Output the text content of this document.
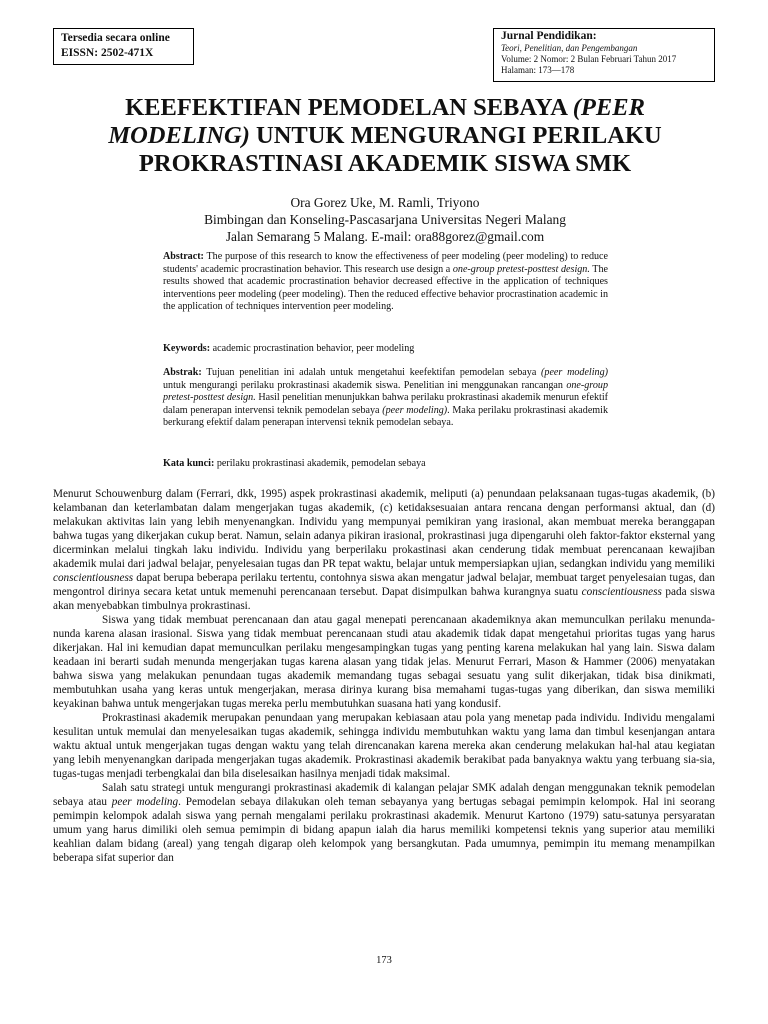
Tersedia secara online
EISSN: 2502-471X
Jurnal Pendidikan:
Teori, Penelitian, dan Pengembangan
Volume: 2 Nomor: 2 Bulan Februari Tahun 2017
Halaman: 173—178
KEEFEKTIFAN PEMODELAN SEBAYA (PEER MODELING) UNTUK MENGURANGI PERILAKU PROKRASTINASI AKADEMIK SISWA SMK
Ora Gorez Uke, M. Ramli, Triyono
Bimbingan dan Konseling-Pascasarjana Universitas Negeri Malang
Jalan Semarang 5 Malang. E-mail: ora88gorez@gmail.com
Abstract: The purpose of this research to know the effectiveness of peer modeling (peer modeling) to reduce students' academic procrastination behavior. This research use design a one-group pretest-posttest design. The results showed that academic procrastination behavior decreased effective in the application of techniques interventions peer modeling (peer modeling). Then the reduced effective behavior procrastination academic in the application of techniques intervention peer modeling.
Keywords: academic procrastination behavior, peer modeling
Abstrak: Tujuan penelitian ini adalah untuk mengetahui keefektifan pemodelan sebaya (peer modeling) untuk mengurangi perilaku prokrastinasi akademik siswa. Penelitian ini menggunakan rancangan one-group pretest-posttest design. Hasil penelitian menunjukkan bahwa perilaku prokrastinasi akademik menurun efektif dalam penerapan intervensi teknik pemodelan sebaya (peer modeling). Maka perilaku prokrastinasi akademik berkurang efektif dalam penerapan intervensi teknik pemodelan sebaya.
Kata kunci: perilaku prokrastinasi akademik, pemodelan sebaya

Menurut Schouwenburg dalam (Ferrari, dkk, 1995) aspek prokrastinasi akademik, meliputi (a) penundaan pelaksanaan tugas-tugas akademik, (b) kelambanan dan keterlambatan dalam mengerjakan tugas akademik, (c) ketidaksesuaian antara rencana dengan performansi aktual, dan (d) melakukan aktivitas lain yang lebih menyenangkan. Individu yang mempunyai pemikiran yang irasional, akan membuat mereka beranggapan bahwa tugas yang dikerjakan cukup berat. Namun, selain adanya pikiran irasional, prokrastinasi juga dipengaruhi oleh faktor-faktor eksternal yang dicerminkan melalui tingkah laku individu. Individu yang berperilaku prokastinasi akan cenderung tidak membuat perencanaan kewajiban akademik mulai dari jadwal belajar, penyelesaian tugas dan PR tepat waktu, belajar untuk mempersiapkan ujian, sedangkan individu yang memiliki conscientiousness dapat berupa beberapa perilaku tertentu, contohnya siswa akan mengatur jadwal belajar, membuat target penyelesaian tugas, dan mengontrol dirinya secara ketat untuk memenuhi perencanaan tersebut. Dapat disimpulkan bahwa kurangnya suatu conscientiousness pada siswa akan menyebabkan timbulnya prokrastinasi.

Siswa yang tidak membuat perencanaan dan atau gagal menepati perencanaan akademiknya akan memunculkan perilaku menunda-nunda karena alasan irasional. Siswa yang tidak membuat perencanaan studi atau akademik tidak dapat mengetahui prioritas tugas yang harus dikerjakan. Hal ini kemudian dapat memunculkan perilaku mengesampingkan tugas yang penting karena melakukan hal yang lain. Siswa dalam keadaan ini berarti sudah menunda mengerjakan tugas karena alasan yang tidak jelas. Menurut Ferrari, Mason & Hammer (2006) menyatakan bahwa siswa yang melakukan penundaan tugas akademik memandang tugas sebagai sesuatu yang sulit dikerjakan, tidak bisa dinikmati, membutuhkan usaha yang keras untuk mengerjakan, merasa dirinya kurang bisa memahami tugas-tugas yang diberikan, dan siswa memiliki keyakinan bahwa untuk mengerjakan tugas mereka perlu membutuhkan suasana hati yang kondusif.

Prokrastinasi akademik merupakan penundaan yang merupakan kebiasaan atau pola yang menetap pada individu. Individu mengalami kesulitan untuk memulai dan menyelesaikan tugas akademik, sehingga individu membutuhkan waktu yang lama dan timbul kesenjangan antara waktu aktual untuk mengerjakan tugas dengan waktu yang telah direncanakan karena mereka akan cenderung melakukan hal-hal atau kegiatan yang lebih menyenangkan daripada mengerjakan tugas akademik. Prokrastinasi akademik berakibat pada banyaknya waktu yang terbuang sia-sia, tugas-tugas menjadi terbengkalai dan bila diselesaikan hasilnya menjadi tidak maksimal.

Salah satu strategi untuk mengurangi prokrastinasi akademik di kalangan pelajar SMK adalah dengan menggunakan teknik pemodelan sebaya atau peer modeling. Pemodelan sebaya dilakukan oleh teman sebayanya yang bertugas sebagai pemimpin kelompok. Hal ini seorang pemimpin kelompok adalah siswa yang pernah mengalami perilaku prokrastinasi akademik. Menurut Kartono (1979) satu-satunya persyaratan umum yang harus dimiliki oleh semua pemimpin di bidang apapun ialah dia harus memiliki kompetensi teknis yang superior atau memiliki keahlian dalam bidang (areal) yang tengah digarap oleh kelompok yang bersangkutan. Pada umumnya, pemimpin itu memang menampilkan beberapa sifat superior dan

173
